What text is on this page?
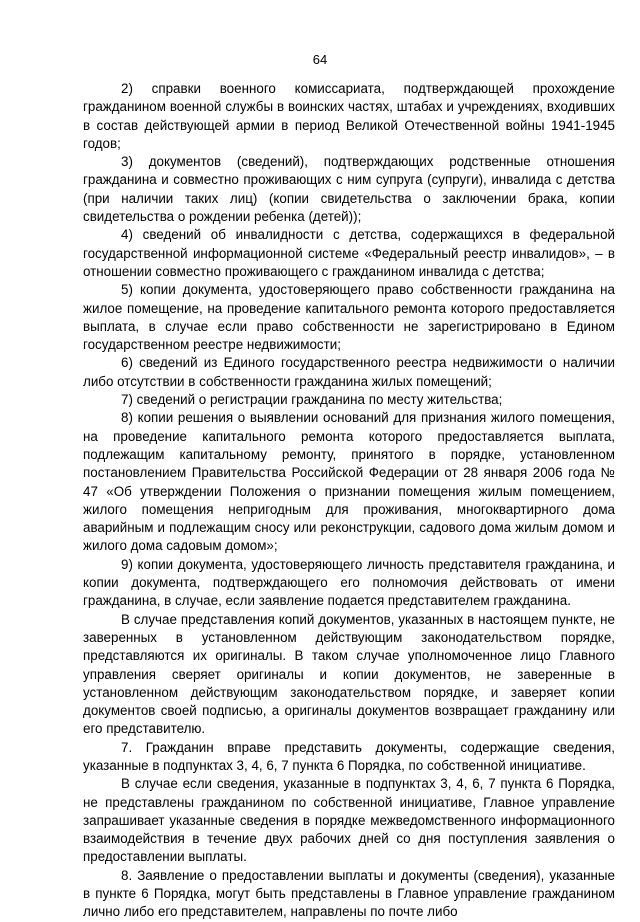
64

2) справки военного комиссариата, подтверждающей прохождение гражданином военной службы в воинских частях, штабах и учреждениях, входивших в состав действующей армии в период Великой Отечественной войны 1941-1945 годов;

3) документов (сведений), подтверждающих родственные отношения гражданина и совместно проживающих с ним супруга (супруги), инвалида с детства (при наличии таких лиц) (копии свидетельства о заключении брака, копии свидетельства о рождении ребенка (детей));

4) сведений об инвалидности с детства, содержащихся в федеральной государственной информационной системе «Федеральный реестр инвалидов», – в отношении совместно проживающего с гражданином инвалида с детства;

5) копии документа, удостоверяющего право собственности гражданина на жилое помещение, на проведение капитального ремонта которого предоставляется выплата, в случае если право собственности не зарегистрировано в Едином государственном реестре недвижимости;

6) сведений из Единого государственного реестра недвижимости о наличии либо отсутствии в собственности гражданина жилых помещений;

7) сведений о регистрации гражданина по месту жительства;

8) копии решения о выявлении оснований для признания жилого помещения, на проведение капитального ремонта которого предоставляется выплата, подлежащим капитальному ремонту, принятого в порядке, установленном постановлением Правительства Российской Федерации от 28 января 2006 года № 47 «Об утверждении Положения о признании помещения жилым помещением, жилого помещения непригодным для проживания, многоквартирного дома аварийным и подлежащим сносу или реконструкции, садового дома жилым домом и жилого дома садовым домом»;

9) копии документа, удостоверяющего личность представителя гражданина, и копии документа, подтверждающего его полномочия действовать от имени гражданина, в случае, если заявление подается представителем гражданина.

В случае представления копий документов, указанных в настоящем пункте, не заверенных в установленном действующим законодательством порядке, представляются их оригиналы. В таком случае уполномоченное лицо Главного управления сверяет оригиналы и копии документов, не заверенные в установленном действующим законодательством порядке, и заверяет копии документов своей подписью, а оригиналы документов возвращает гражданину или его представителю.

7. Гражданин вправе представить документы, содержащие сведения, указанные в подпунктах 3, 4, 6, 7 пункта 6 Порядка, по собственной инициативе.

В случае если сведения, указанные в подпунктах 3, 4, 6, 7 пункта 6 Порядка, не представлены гражданином по собственной инициативе, Главное управление запрашивает указанные сведения в порядке межведомственного информационного взаимодействия в течение двух рабочих дней со дня поступления заявления о предоставлении выплаты.

8. Заявление о предоставлении выплаты и документы (сведения), указанные в пункте 6 Порядка, могут быть представлены в Главное управление гражданином лично либо его представителем, направлены по почте либо
